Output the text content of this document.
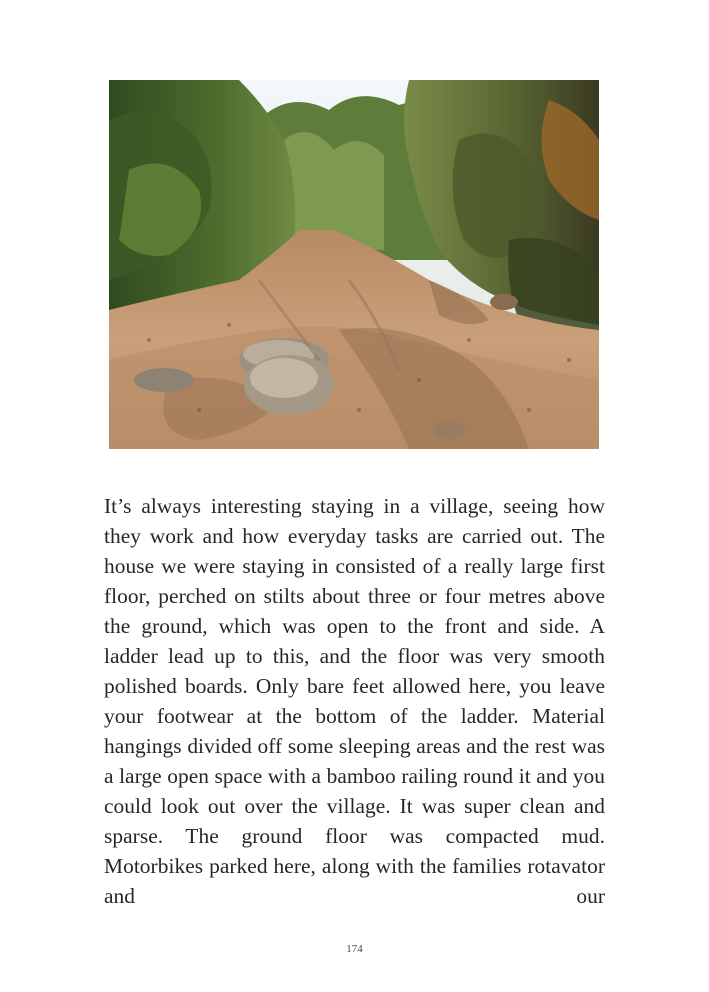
It’s always interesting staying in a village, seeing how they work and how everyday tasks are carried out. The house we were staying in consisted of a really large first floor, perched on stilts about three or four metres above the ground, which was open to the front and side. A ladder lead up to this, and the floor was very smooth polished boards. Only bare feet allowed here, you leave your footwear at the bottom of the ladder. Material hangings divided off some sleeping areas and the rest was a large open space with a bamboo railing round it and you could look out over the village. It was super clean and sparse. The ground floor was compacted mud. Motorbikes parked here, along with the families rotavator and our

174
